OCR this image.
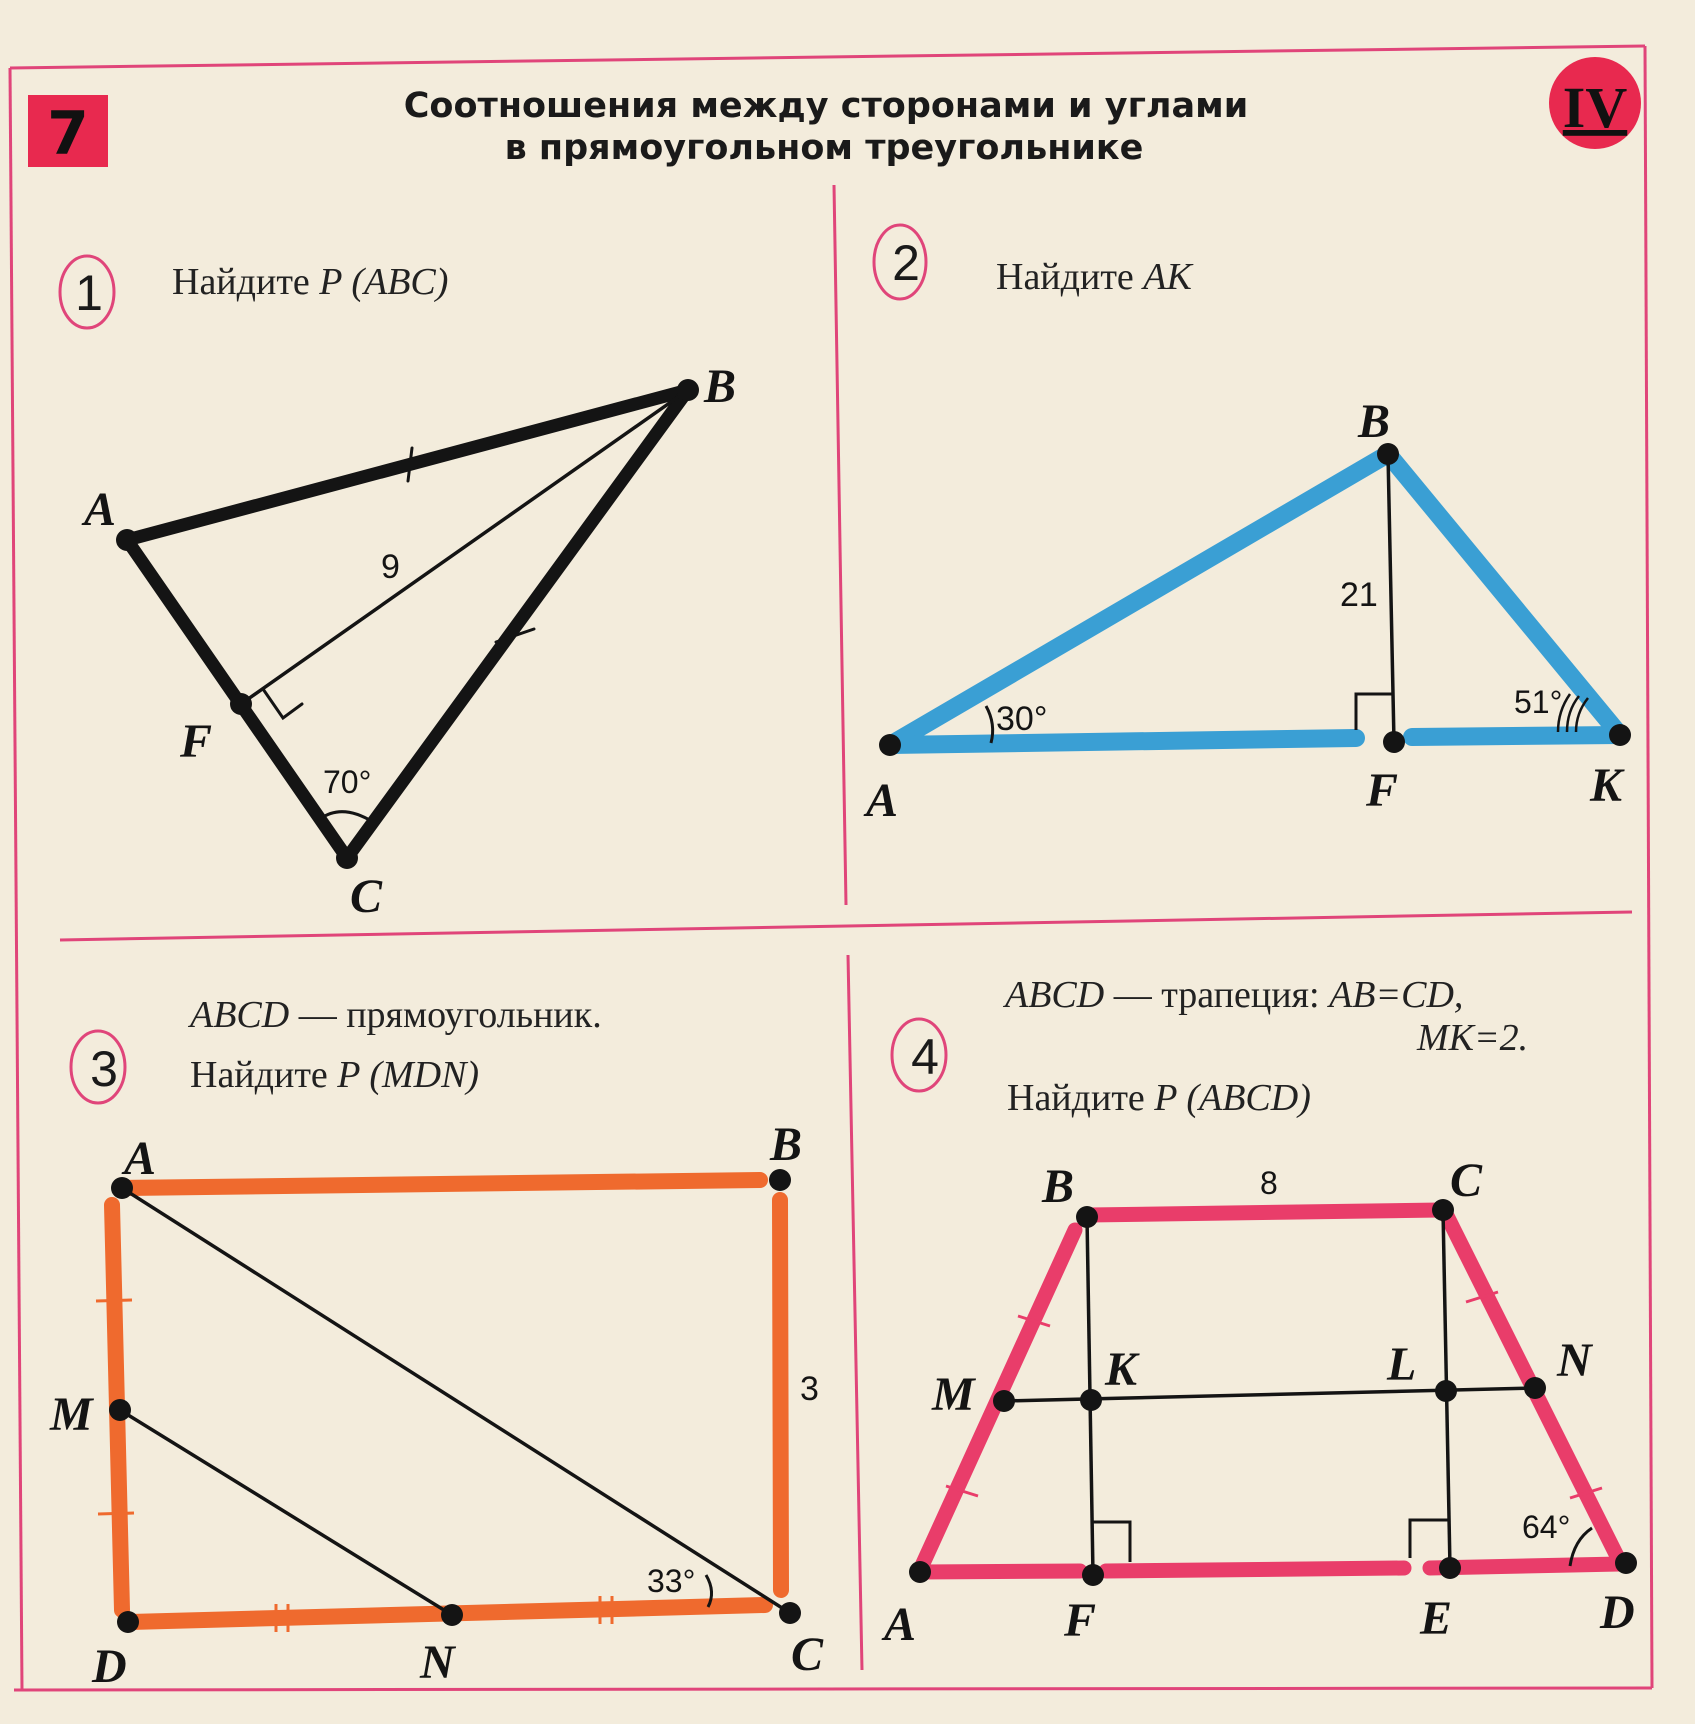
7	Соотношения между сторонами и углами
в прямоугольном треугольнике
IV
1 Найдите P (ABC)
A
B
C
F
9
70°
2 Найдите AK
A
B
F	K
21
30°	51°
3
ABCD — прямоугольник.
Найдите P (MDN)
A	B
C
D
M
N
3
33°
4
ABCD — трапеция: AB=CD,
MK=2.
Найдите P (ABCD)
A
B	C
D
E
F
K	L
M
N
8
64°
